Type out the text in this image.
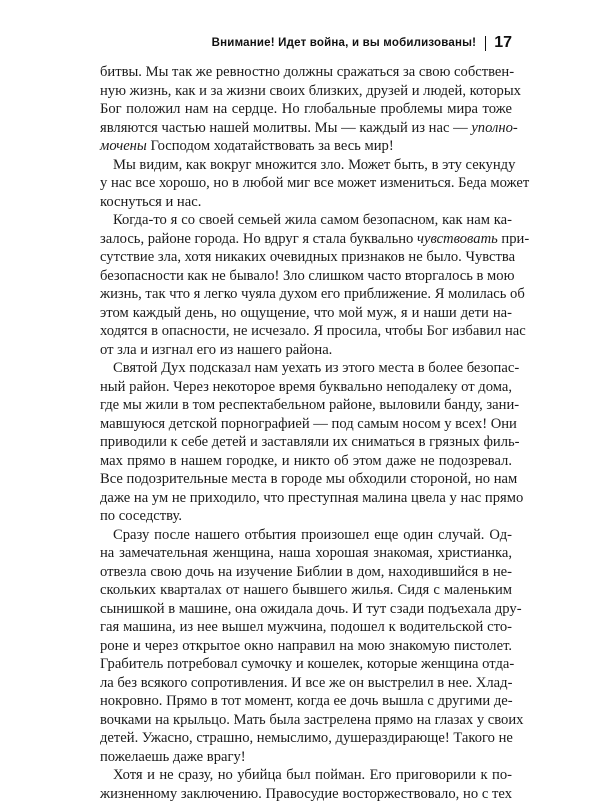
Внимание! Идет война, и вы мобилизованы! 17
битвы. Мы так же ревностно должны сражаться за свою собствен-
ную жизнь, как и за жизни своих близких, друзей и людей, которых
Бог положил нам на сердце. Но глобальные проблемы мира тоже
являются частью нашей молитвы. Мы — каждый из нас — уполно-
мочены Господом ходатайствовать за весь мир!
Мы видим, как вокруг множится зло. Может быть, в эту секунду
у нас все хорошо, но в любой миг все может измениться. Беда может
коснуться и нас.
Когда-то я со своей семьей жила самом безопасном, как нам ка-
залось, районе города. Но вдруг я стала буквально чувствовать при-
сутствие зла, хотя никаких очевидных признаков не было. Чувства
безопасности как не бывало! Зло слишком часто вторгалось в мою
жизнь, так что я легко чуяла духом его приближение. Я молилась об
этом каждый день, но ощущение, что мой муж, я и наши дети на-
ходятся в опасности, не исчезало. Я просила, чтобы Бог избавил нас
от зла и изгнал его из нашего района.
Святой Дух подсказал нам уехать из этого места в более безопас-
ный район. Через некоторое время буквально неподалеку от дома,
где мы жили в том респектабельном районе, выловили банду, зани-
мавшуюся детской порнографией — под самым носом у всех! Они
приводили к себе детей и заставляли их сниматься в грязных филь-
мах прямо в нашем городке, и никто об этом даже не подозревал.
Все подозрительные места в городе мы обходили стороной, но нам
даже на ум не приходило, что преступная малина цвела у нас прямо
по соседству.
Сразу после нашего отбытия произошел еще один случай. Од-
на замечательная женщина, наша хорошая знакомая, христианка,
отвезла свою дочь на изучение Библии в дом, находившийся в не-
скольких кварталах от нашего бывшего жилья. Сидя с маленьким
сынишкой в машине, она ожидала дочь. И тут сзади подъехала дру-
гая машина, из нее вышел мужчина, подошел к водительской сто-
роне и через открытое окно направил на мою знакомую пистолет.
Грабитель потребовал сумочку и кошелек, которые женщина отда-
ла без всякого сопротивления. И все же он выстрелил в нее. Хлад-
нокровно. Прямо в тот момент, когда ее дочь вышла с другими де-
вочками на крыльцо. Мать была застрелена прямо на глазах у своих
детей. Ужасно, страшно, немыслимо, душераздирающе! Такого не
пожелаешь даже врагу!
Хотя и не сразу, но убийца был пойман. Его приговорили к по-
жизненному заключению. Правосудие восторжествовало, но с тех
